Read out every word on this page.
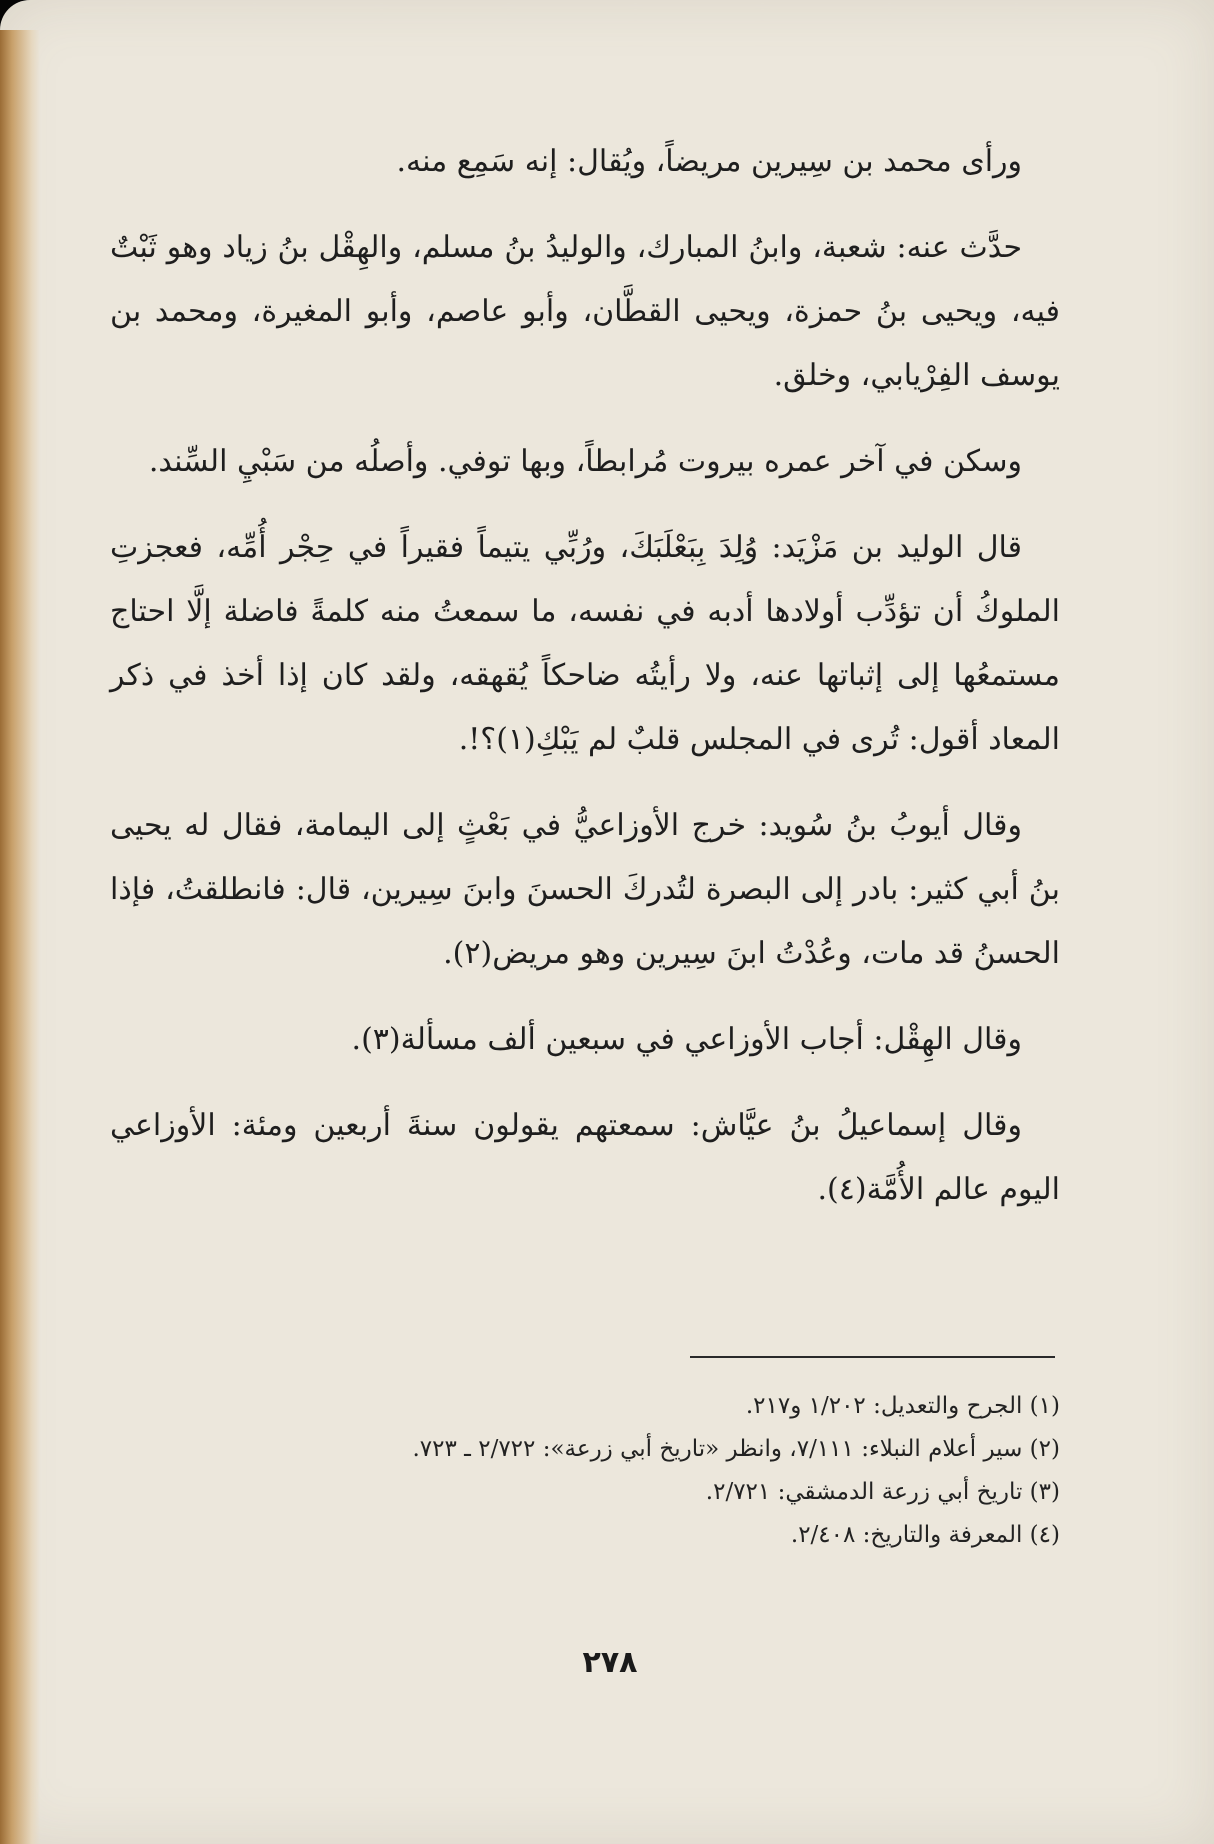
ورأى محمد بن سِيرين مريضاً، ويُقال: إنه سَمِع منه.

حدَّث عنه: شعبة، وابنُ المبارك، والوليدُ بنُ مسلم، والهِقْل بنُ زياد وهو ثَبْتٌ فيه، ويحيى بنُ حمزة، ويحيى القطَّان، وأبو عاصم، وأبو المغيرة، ومحمد بن يوسف الفِرْيابي، وخلق.

وسكن في آخر عمره بيروت مُرابطاً، وبها توفي. وأصلُه من سَبْيِ السِّند.

قال الوليد بن مَزْيَد: وُلِدَ بِبَعْلَبَكَ، ورُبِّي يتيماً فقيراً في حِجْر أُمِّه، فعجزتِ الملوكُ أن تؤدِّب أولادها أدبه في نفسه، ما سمعتُ منه كلمةً فاضلة إلَّا احتاج مستمعُها إلى إثباتها عنه، ولا رأيتُه ضاحكاً يُقهقه، ولقد كان إذا أخذ في ذكر المعاد أقول: تُرى في المجلس قلبٌ لم يَبْكِ(١)؟!.

وقال أيوبُ بنُ سُويد: خرج الأوزاعيُّ في بَعْثٍ إلى اليمامة، فقال له يحيى بنُ أبي كثير: بادر إلى البصرة لتُدركَ الحسنَ وابنَ سِيرين، قال: فانطلقتُ، فإذا الحسنُ قد مات، وعُدْتُ ابنَ سِيرين وهو مريض(٢).

وقال الهِقْل: أجاب الأوزاعي في سبعين ألف مسألة(٣).

وقال إسماعيلُ بنُ عيَّاش: سمعتهم يقولون سنةَ أربعين ومئة: الأوزاعي اليوم عالم الأُمَّة(٤).

(١) الجرح والتعديل: ١/٢٠٢ و٢١٧.
(٢) سير أعلام النبلاء: ٧/١١١، وانظر «تاريخ أبي زرعة»: ٢/٧٢٢ ـ ٧٢٣.
(٣) تاريخ أبي زرعة الدمشقي: ٢/٧٢١.
(٤) المعرفة والتاريخ: ٢/٤٠٨.
٢٧٨
